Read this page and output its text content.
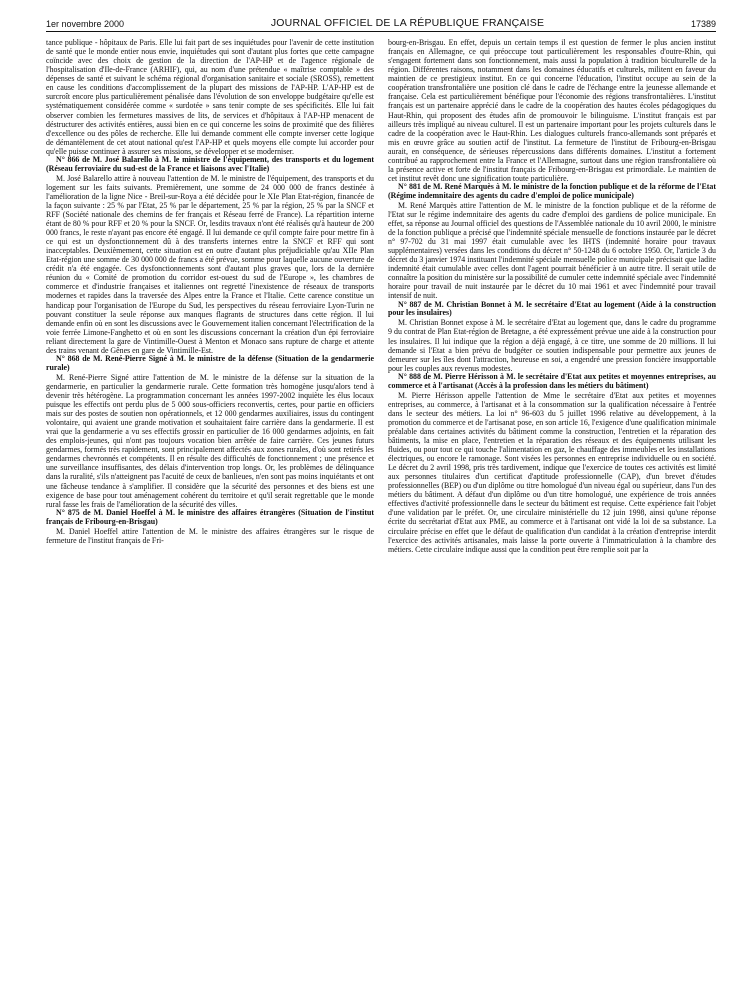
1er novembre 2000	JOURNAL OFFICIEL DE LA RÉPUBLIQUE FRANÇAISE	17389

tance publique - hôpitaux de Paris. Elle lui fait part de ses inquiétudes pour l'avenir de cette institution de santé que le monde entier nous envie, inquiétudes qui sont d'autant plus fortes que cette campagne coïncide avec des choix de gestion de la direction de l'AP-HP et de l'agence régionale de l'hospitalisation d'Ile-de-France (ARHIF), qui, au nom d'une prétendue « maîtrise comptable » des dépenses de santé et suivant le schéma régional d'organisation sanitaire et sociale (SROSS), remettent en cause les conditions d'accomplissement de la plupart des missions de l'AP-HP. L'AP-HP est de surcroît encore plus particulièrement pénalisée dans l'évolution de son enveloppe budgétaire qu'elle est systématiquement considérée comme « surdotée » sans tenir compte de ses spécificités. Elle lui fait observer combien les fermetures massives de lits, de services et d'hôpitaux à l'AP-HP menacent de déstructurer des activités entières, aussi bien en ce qui concerne les soins de proximité que des filières d'excellence ou des pôles de recherche. Elle lui demande comment elle compte inverser cette logique de démantèlement de cet atout national qu'est l'AP-HP et quels moyens elle compte lui accorder pour qu'elle puisse continuer à assurer ses missions, se développer et se moderniser.

N° 866 de M. José Balarello à M. le ministre de l'équipement, des transports et du logement (Réseau ferroviaire du sud-est de la France et liaisons avec l'Italie)

M. José Balarello attire à nouveau l'attention de M. le ministre de l'équipement, des transports et du logement sur les faits suivants. Premièrement, une somme de 24 000 000 de francs destinée à l'amélioration de la ligne Nice - Breil-sur-Roya a été décidée pour le XIe Plan Etat-région, financée de la façon suivante : 25 % par l'Etat, 25 % par le département, 25 % par la région, 25 % par la SNCF et RFF (Société nationale des chemins de fer français et Réseau ferré de France). La répartition interne étant de 80 % pour RFF et 20 % pour la SNCF. Or, lesdits travaux n'ont été réalisés qu'à hauteur de 200 000 francs, le reste n'ayant pas encore été engagé. Il lui demande ce qu'il compte faire pour mettre fin à ce qui est un dysfonctionnement dû à des transferts internes entre la SNCF et RFF qui sont inacceptables. Deuxièmement, cette situation est en outre d'autant plus préjudiciable qu'au XIIe Plan Etat-région une somme de 30 000 000 de francs a été prévue, somme pour laquelle aucune ouverture de crédit n'a été engagée. Ces dysfonctionnements sont d'autant plus graves que, lors de la dernière réunion du « Comité de promotion du corridor est-ouest du sud de l'Europe », les chambres de commerce et d'industrie françaises et italiennes ont regretté l'inexistence de réseaux de transports modernes et rapides dans la traversée des Alpes entre la France et l'Italie. Cette carence constitue un handicap pour l'organisation de l'Europe du Sud, les perspectives du réseau ferroviaire Lyon-Turin ne pouvant constituer la seule réponse aux manques flagrants de structures dans cette région. Il lui demande enfin où en sont les discussions avec le Gouvernement italien concernant l'électrification de la voie ferrée Limone-Fanghetto et où en sont les discussions concernant la création d'un épi ferroviaire reliant directement la gare de Vintimille-Ouest à Menton et Monaco sans rupture de charge et attente des trains venant de Gênes en gare de Vintimille-Est.

N° 868 de M. René-Pierre Signé à M. le ministre de la défense (Situation de la gendarmerie rurale)

M. René-Pierre Signé attire l'attention de M. le ministre de la défense sur la situation de la gendarmerie, en particulier la gendarmerie rurale. Cette formation très homogène jusqu'alors tend à devenir très hétérogène. La programmation concernant les années 1997-2002 inquiète les élus locaux puisque les effectifs ont perdu plus de 5 000 sous-officiers reconvertis, certes, pour partie en officiers mais sur des postes de soutien non opérationnels, et 12 000 gendarmes auxiliaires, issus du contingent volontaire, qui avaient une grande motivation et souhaitaient faire carrière dans la gendarmerie. Il est vrai que la gendarmerie a vu ses effectifs grossir en particulier de 16 000 gendarmes adjoints, en fait des emplois-jeunes, qui n'ont pas toujours vocation bien arrêtée de faire carrière. Ces jeunes futurs gendarmes, formés très rapidement, sont principalement affectés aux zones rurales, d'où sont retirés les gendarmes chevronnés et compétents. Il en résulte des difficultés de fonctionnement ; une présence et une surveillance insuffisantes, des délais d'intervention trop longs. Or, les problèmes de délinquance dans la ruralité, s'ils n'atteignent pas l'acuité de ceux de banlieues, n'en sont pas moins inquiétants et ont une fâcheuse tendance à s'amplifier. Il considère que la sécurité des personnes et des biens est une exigence de base pour tout aménagement cohérent du territoire et qu'il serait regrettable que le monde rural fasse les frais de l'amélioration de la sécurité des villes.

N° 875 de M. Daniel Hoeffel à M. le ministre des affaires étrangères (Situation de l'institut français de Fribourg-en-Brisgau)

M. Daniel Hoeffel attire l'attention de M. le ministre des affaires étrangères sur le risque de fermeture de l'institut français de Fri-

bourg-en-Brisgau. En effet, depuis un certain temps il est question de fermer le plus ancien institut français en Allemagne, ce qui préoccupe tout particulièrement les responsables d'outre-Rhin, qui s'engagent fortement dans son fonctionnement, mais aussi la population à tradition biculturelle de la région. Différentes raisons, notamment dans les domaines éducatifs et culturels, militent en faveur du maintien de ce prestigieux institut. En ce qui concerne l'éducation, l'institut occupe au sein de la coopération transfrontalière une position clé dans le cadre de l'échange entre la jeunesse allemande et française. Cela est particulièrement bénéfique pour l'économie des régions transfrontalières. L'institut français est un partenaire apprécié dans le cadre de la coopération des hautes écoles pédagogiques du Haut-Rhin, qui proposent des études afin de promouvoir le bilinguisme. L'institut français est par ailleurs très impliqué au niveau culturel. Il est un partenaire important pour les projets culturels dans le cadre de la coopération avec le Haut-Rhin. Les dialogues culturels franco-allemands sont préparés et mis en œuvre grâce au soutien actif de l'institut. La fermeture de l'institut de Fribourg-en-Brisgau aurait, en conséquence, de sérieuses répercussions dans différents domaines. L'institut a fortement contribué au rapprochement entre la France et l'Allemagne, surtout dans une région transfrontalière où la présence active et forte de l'institut français de Fribourg-en-Brisgau est primordiale. Le maintien de cet institut revêt donc une signification toute particulière.

N° 881 de M. René Marquès à M. le ministre de la fonction publique et de la réforme de l'Etat (Régime indemnitaire des agents du cadre d'emploi de police municipale)

M. René Marquès attire l'attention de M. le ministre de la fonction publique et de la réforme de l'Etat sur le régime indemnitaire des agents du cadre d'emploi des gardiens de police municipale. En effet, sa réponse au Journal officiel des questions de l'Assemblée nationale du 10 avril 2000, le ministre de la fonction publique a précisé que l'indemnité spéciale mensuelle de fonctions instaurée par le décret n° 97-702 du 31 mai 1997 était cumulable avec les IHTS (indemnité horaire pour travaux supplémentaires) versées dans les conditions du décret n° 50-1248 du 6 octobre 1950. Or, l'article 3 du décret du 3 janvier 1974 instituant l'indemnité spéciale mensuelle police municipale précisait que ladite indemnité était cumulable avec celles dont l'agent pourrait bénéficier à un autre titre. Il serait utile de connaître la position du ministère sur la possibilité de cumuler cette indemnité spéciale avec l'indemnité horaire pour travail de nuit instaurée par le décret du 10 mai 1961 et avec l'indemnité pour travail intensif de nuit.

N° 887 de M. Christian Bonnet à M. le secrétaire d'Etat au logement (Aide à la construction pour les insulaires)

M. Christian Bonnet expose à M. le secrétaire d'Etat au logement que, dans le cadre du programme 9 du contrat de Plan Etat-région de Bretagne, a été expressément prévue une aide à la construction pour les insulaires. Il lui indique que la région a déjà engagé, à ce titre, une somme de 20 millions. Il lui demande si l'Etat a bien prévu de budgéter ce soutien indispensable pour permettre aux jeunes de demeurer sur les îles dont l'attraction, heureuse en soi, a engendré une pression foncière insupportable pour les couples aux revenus modestes.

N° 888 de M. Pierre Hérisson à M. le secrétaire d'Etat aux petites et moyennes entreprises, au commerce et à l'artisanat (Accès à la profession dans les métiers du bâtiment)

M. Pierre Hérisson appelle l'attention de Mme le secrétaire d'Etat aux petites et moyennes entreprises, au commerce, à l'artisanat et à la consommation sur la qualification nécessaire à l'entrée dans le secteur des métiers. La loi n° 96-603 du 5 juillet 1996 relative au développement, à la promotion du commerce et de l'artisanat pose, en son article 16, l'exigence d'une qualification minimale préalable dans certaines activités du bâtiment comme la construction, l'entretien et la réparation des bâtiments, la mise en place, l'entretien et la réparation des réseaux et des équipements utilisant les fluides, ou pour tout ce qui touche l'alimentation en gaz, le chauffage des immeubles et les installations électriques, ou encore le ramonage. Sont visées les personnes en entreprise individuelle ou en société. Le décret du 2 avril 1998, pris très tardivement, indique que l'exercice de toutes ces activités est limité aux personnes titulaires d'un certificat d'aptitude professionnelle (CAP), d'un brevet d'études professionnelles (BEP) ou d'un diplôme ou titre homologué d'un niveau égal ou supérieur, dans l'un des métiers du bâtiment. A défaut d'un diplôme ou d'un titre homologué, une expérience de trois années effectives d'activité professionnelle dans le secteur du bâtiment est requise. Cette expérience fait l'objet d'une validation par le préfet. Or, une circulaire ministérielle du 12 juin 1998, ainsi qu'une réponse écrite du secrétariat d'Etat aux PME, au commerce et à l'artisanat ont vidé la loi de sa substance. La circulaire précise en effet que le défaut de qualification d'un candidat à la création d'entreprise interdit l'exercice des activités artisanales, mais laisse la porte ouverte à l'immatriculation à la chambre des métiers. Cette circulaire indique aussi que la condition peut être remplie soit par la
